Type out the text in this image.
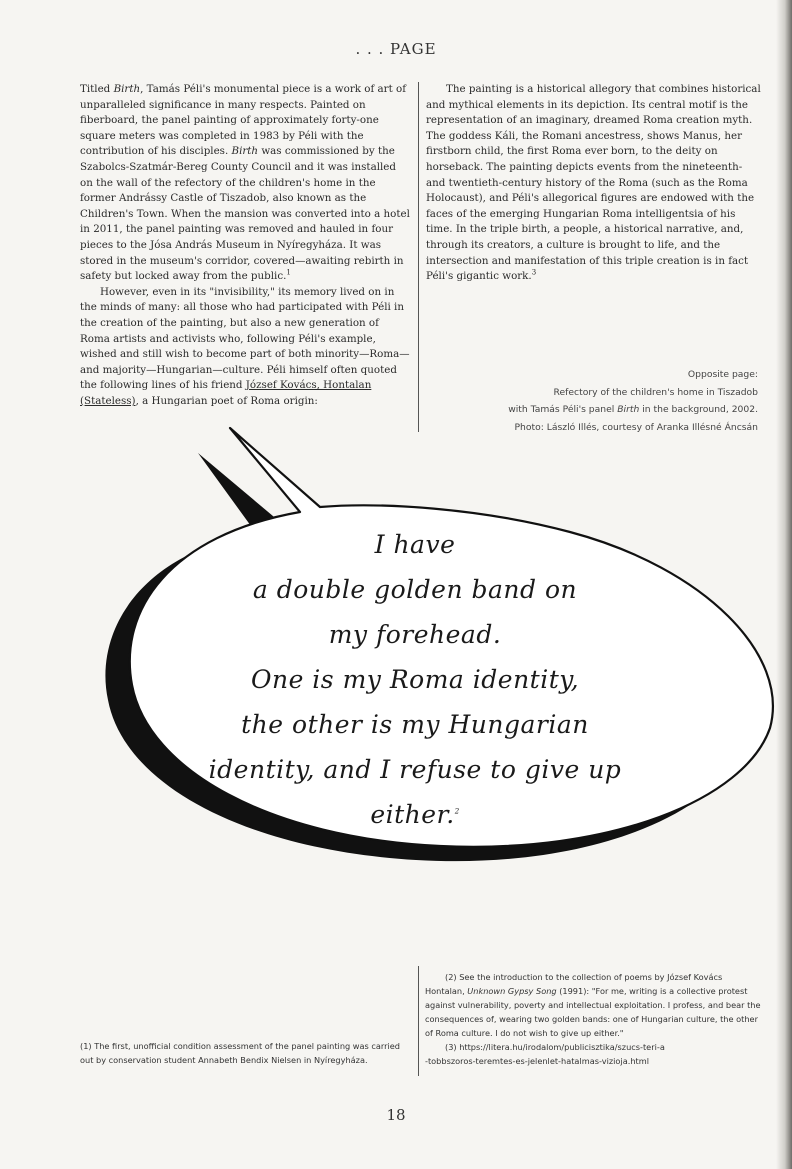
. . . PAGE

Titled Birth, Tamás Péli's monumental piece is a work of art of unparalleled significance in many respects. Painted on fiberboard, the panel painting of approximately forty-one square meters was completed in 1983 by Péli with the contribution of his disciples. Birth was commissioned by the Szabolcs-Szatmár-Bereg County Council and it was installed on the wall of the refectory of the children's home in the former Andrássy Castle of Tiszadob, also known as the Children's Town. When the mansion was converted into a hotel in 2011, the panel painting was removed and hauled in four pieces to the Jósa András Museum in Nyíregyháza. It was stored in the museum's corridor, covered—awaiting rebirth in safety but locked away from the public.$^1$

However, even in its "invisibility," its memory lived on in the minds of many: all those who had participated with Péli in the creation of the painting, but also a new generation of Roma artists and activists who, following Péli's example, wished and still wish to become part of both minority—Roma—and majority—Hungarian—culture. Péli himself often quoted the following lines of his friend József Kovács, Hontalan (Stateless), a Hungarian poet of Roma origin:

The painting is a historical allegory that combines historical and mythical elements in its depiction. Its central motif is the representation of an imaginary, dreamed Roma creation myth. The goddess Káli, the Romani ancestress, shows Manus, her firstborn child, the first Roma ever born, to the deity on horseback. The painting depicts events from the nineteenth- and twentieth-century history of the Roma (such as the Roma Holocaust), and Péli's allegorical figures are endowed with the faces of the emerging Hungarian Roma intelligentsia of his time. In the triple birth, a people, a historical narrative, and, through its creators, a culture is brought to life, and the intersection and manifestation of this triple creation is in fact Péli's gigantic work.$^3$

Opposite page:
Refectory of the children's home in Tiszadob
with Tamás Péli's panel Birth in the background, 2002.
Photo: László Illés, courtesy of Aranka Illésné Áncsán
I have
a double golden band on
my forehead.
One is my Roma identity,
the other is my Hungarian
identity, and I refuse to give up
either.$^2$

(1) The first, unofficial condition assessment of the panel painting was carried out by conservation student Annabeth Bendix Nielsen in Nyíregyháza.

(2) See the introduction to the collection of poems by József Kovács Hontalan, Unknown Gypsy Song (1991): "For me, writing is a collective protest against vulnerability, poverty and intellectual exploitation. I profess, and bear the consequences of, wearing two golden bands: one of Hungarian culture, the other of Roma culture. I do not wish to give up either."

(3) https://litera.hu/irodalom/publicisztika/szucs-teri-a

-tobbszoros-teremtes-es-jelenlet-hatalmas-vizioja.html

18
